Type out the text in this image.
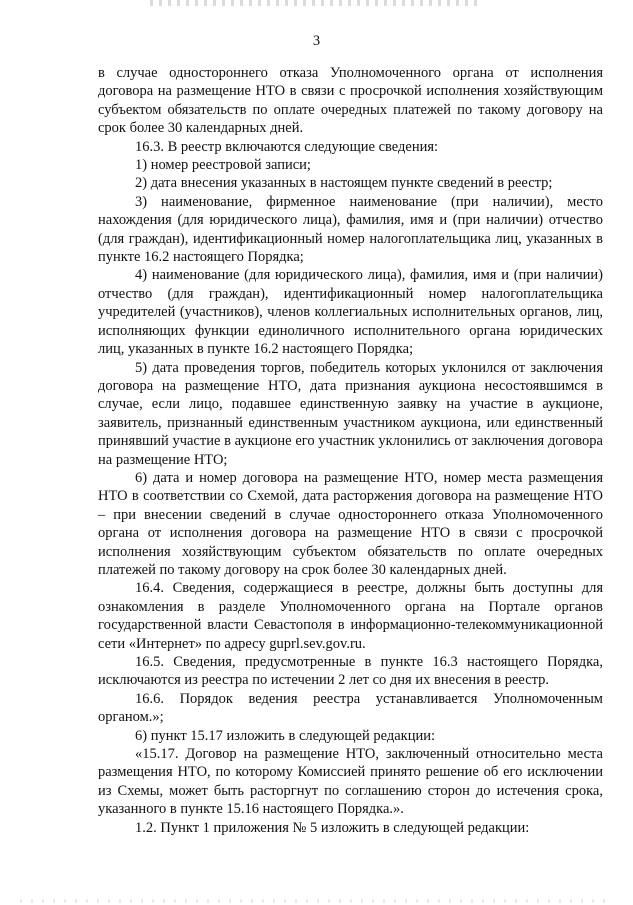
3

в случае одностороннего отказа Уполномоченного органа от исполнения договора на размещение НТО в связи с просрочкой исполнения хозяйствующим субъектом обязательств по оплате очередных платежей по такому договору на срок более 30 календарных дней.

16.3. В реестр включаются следующие сведения:

1) номер реестровой записи;

2) дата внесения указанных в настоящем пункте сведений в реестр;

3) наименование, фирменное наименование (при наличии), место нахождения (для юридического лица), фамилия, имя и (при наличии) отчество (для граждан), идентификационный номер налогоплательщика лиц, указанных в пункте 16.2 настоящего Порядка;

4) наименование (для юридического лица), фамилия, имя и (при наличии) отчество (для граждан), идентификационный номер налогоплательщика учредителей (участников), членов коллегиальных исполнительных органов, лиц, исполняющих функции единоличного исполнительного органа юридических лиц, указанных в пункте 16.2 настоящего Порядка;

5) дата проведения торгов, победитель которых уклонился от заключения договора на размещение НТО, дата признания аукциона несостоявшимся в случае, если лицо, подавшее единственную заявку на участие в аукционе, заявитель, признанный единственным участником аукциона, или единственный принявший участие в аукционе его участник уклонились от заключения договора на размещение НТО;

6) дата и номер договора на размещение НТО, номер места размещения НТО в соответствии со Схемой, дата расторжения договора на размещение НТО – при внесении сведений в случае одностороннего отказа Уполномоченного органа от исполнения договора на размещение НТО в связи с просрочкой исполнения хозяйствующим субъектом обязательств по оплате очередных платежей по такому договору на срок более 30 календарных дней.

16.4. Сведения, содержащиеся в реестре, должны быть доступны для ознакомления в разделе Уполномоченного органа на Портале органов государственной власти Севастополя в информационно-телекоммуникационной сети «Интернет» по адресу guprl.sev.gov.ru.

16.5. Сведения, предусмотренные в пункте 16.3 настоящего Порядка, исключаются из реестра по истечении 2 лет со дня их внесения в реестр.

16.6. Порядок ведения реестра устанавливается Уполномоченным органом.»;

6) пункт 15.17 изложить в следующей редакции:

«15.17. Договор на размещение НТО, заключенный относительно места размещения НТО, по которому Комиссией принято решение об его исключении из Схемы, может быть расторгнут по соглашению сторон до истечения срока, указанного в пункте 15.16 настоящего Порядка.».

1.2. Пункт 1 приложения № 5 изложить в следующей редакции:
